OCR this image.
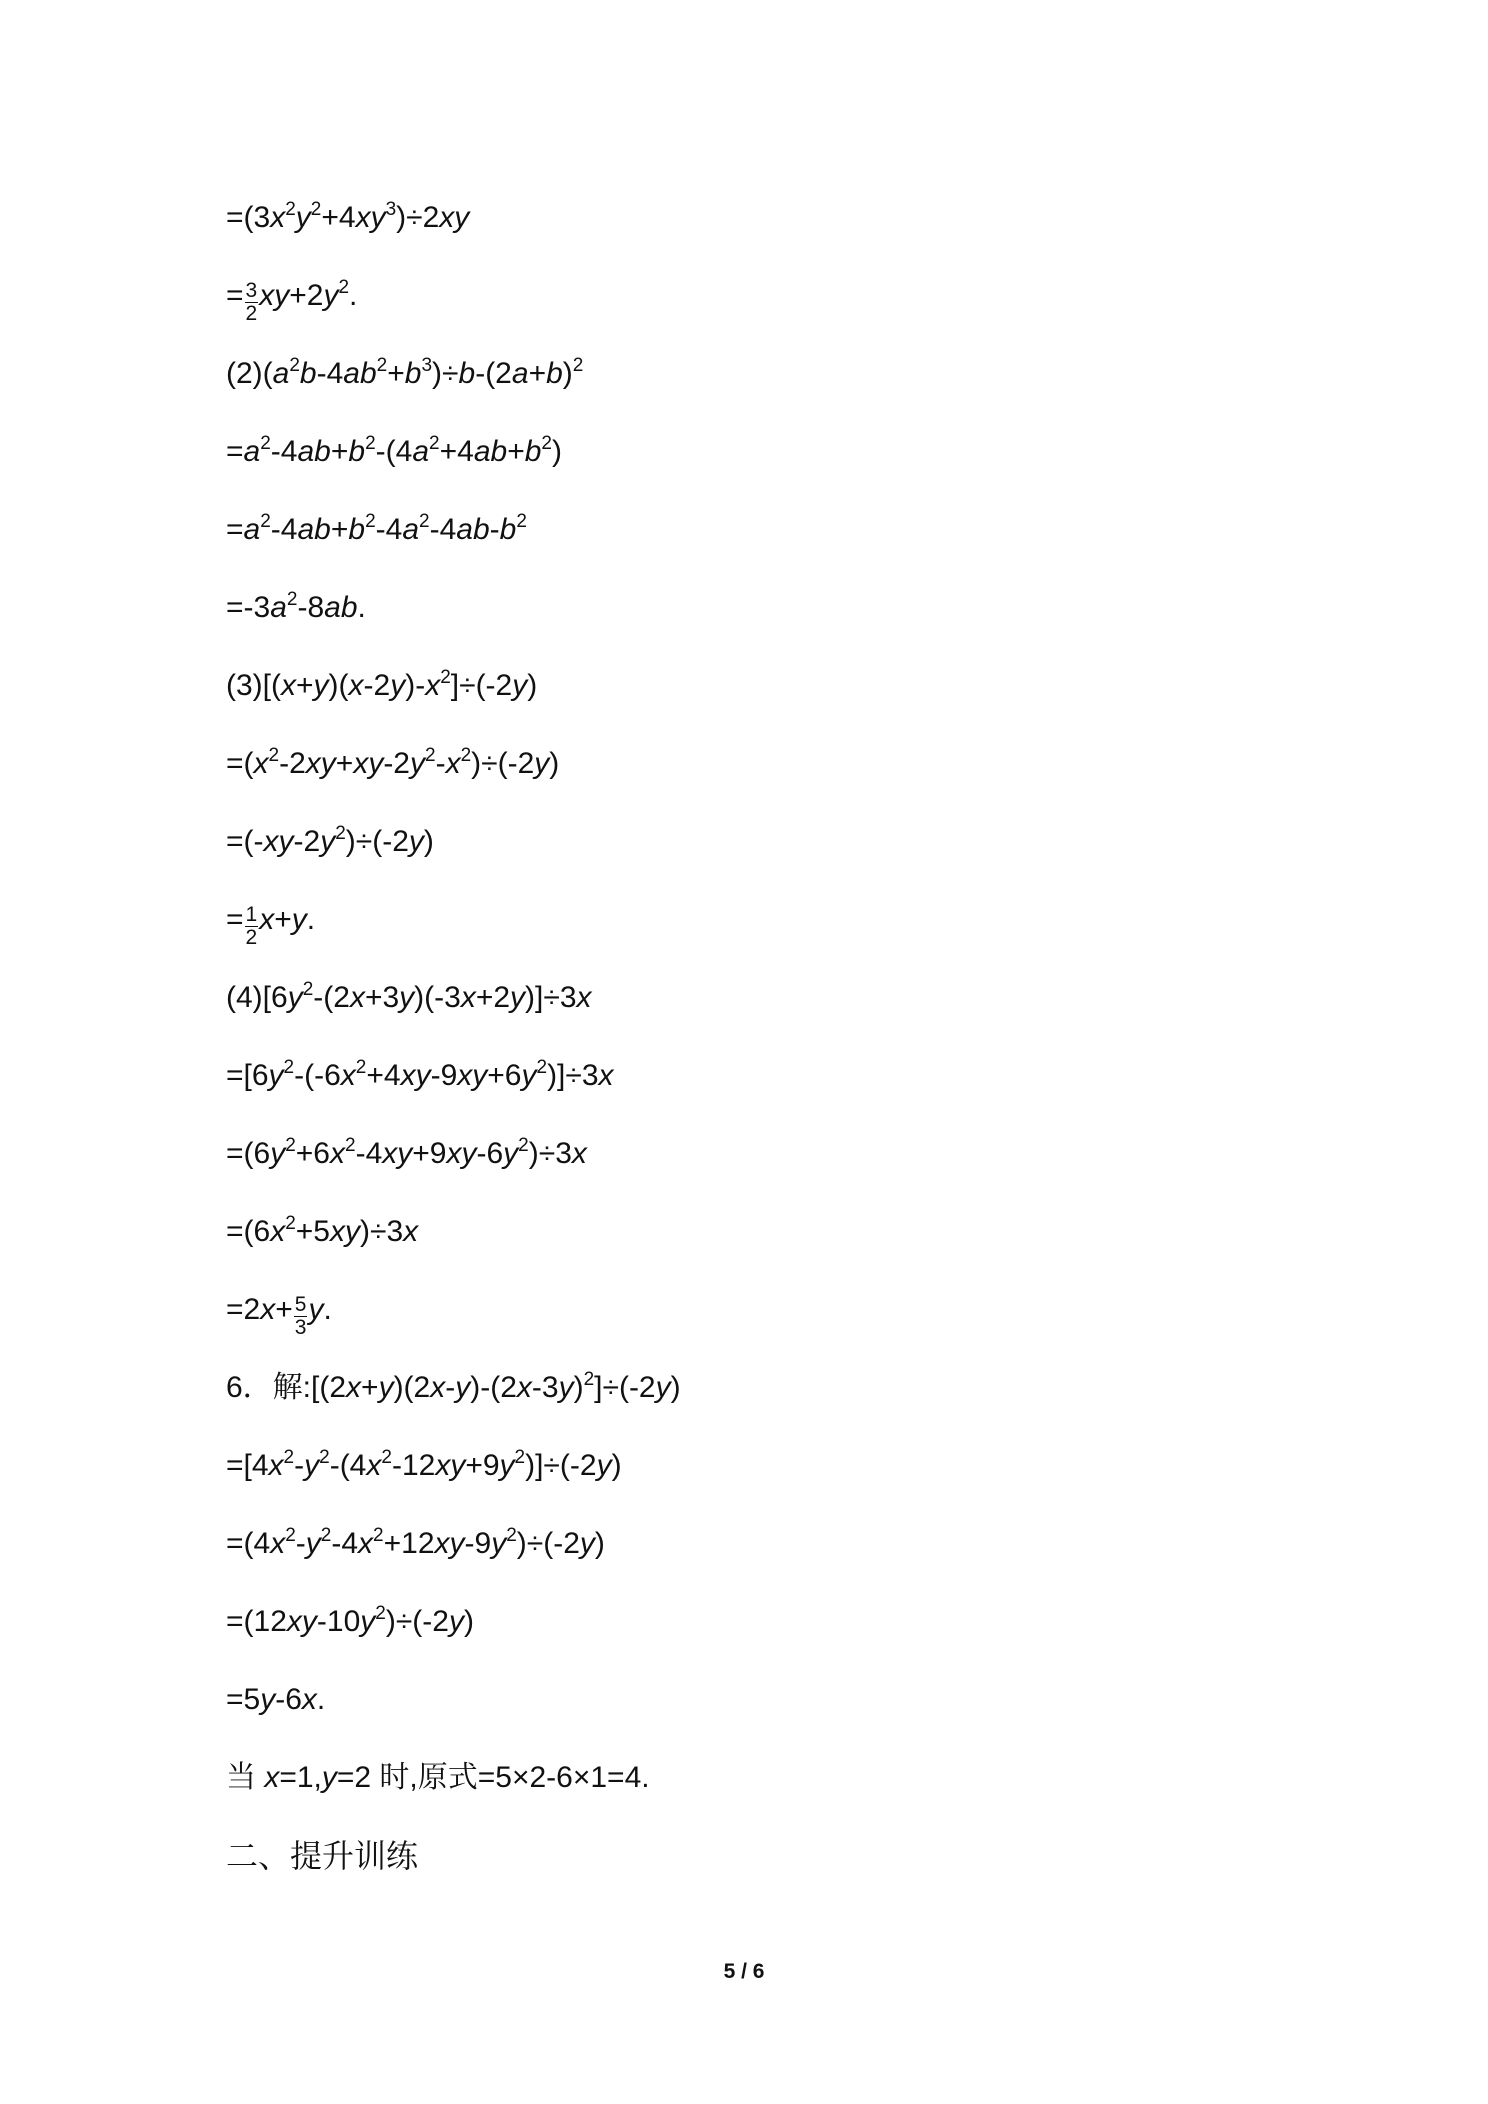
$=(3x^2y^2+4xy^3)\div 2xy$
= $\frac{3}{2} xy+2y^2$.
$(2)(a^2b-4ab^2+b^3)\div b-(2a+b)^2$
$=a^2-4ab+b^2-(4a^2+4ab+b^2)$
$=a^2-4ab+b^2-4a^2-4ab-b^2$
$=-3a^2-8ab$.
$(3)[(x+y)(x-2y)-x^2]\div(-2y)$
$=(x^2-2xy+xy-2y^2-x^2)\div(-2y)$
$=(-xy-2y^2)\div(-2y)$
= $\frac{1}{2} x+y$.
$(4)[6y^2-(2x+3y)(-3x+2y)]\div 3x$
$=[6y^2-(-6x^2+4xy-9xy+6y^2)]\div 3x$
$=(6y^2+6x^2-4xy+9xy-6y^2)\div 3x$
$=(6x^2+5xy)\div 3x$
$=2x+ \frac{5}{3} y$.
6．解$:[(2x+y)(2x-y)-(2x-3y)^2]\div(-2y)$
$=[4x^2-y^2-(4x^2-12xy+9y^2)]\div(-2y)$
$=(4x^2-y^2-4x^2+12xy-9y^2)\div(-2y)$
$=(12xy-10y^2)\div(-2y)$
=5y-6x.
当 x=1,y=2 时,原式=5×2-6×1=4.
二、提升训练
5 / 6
